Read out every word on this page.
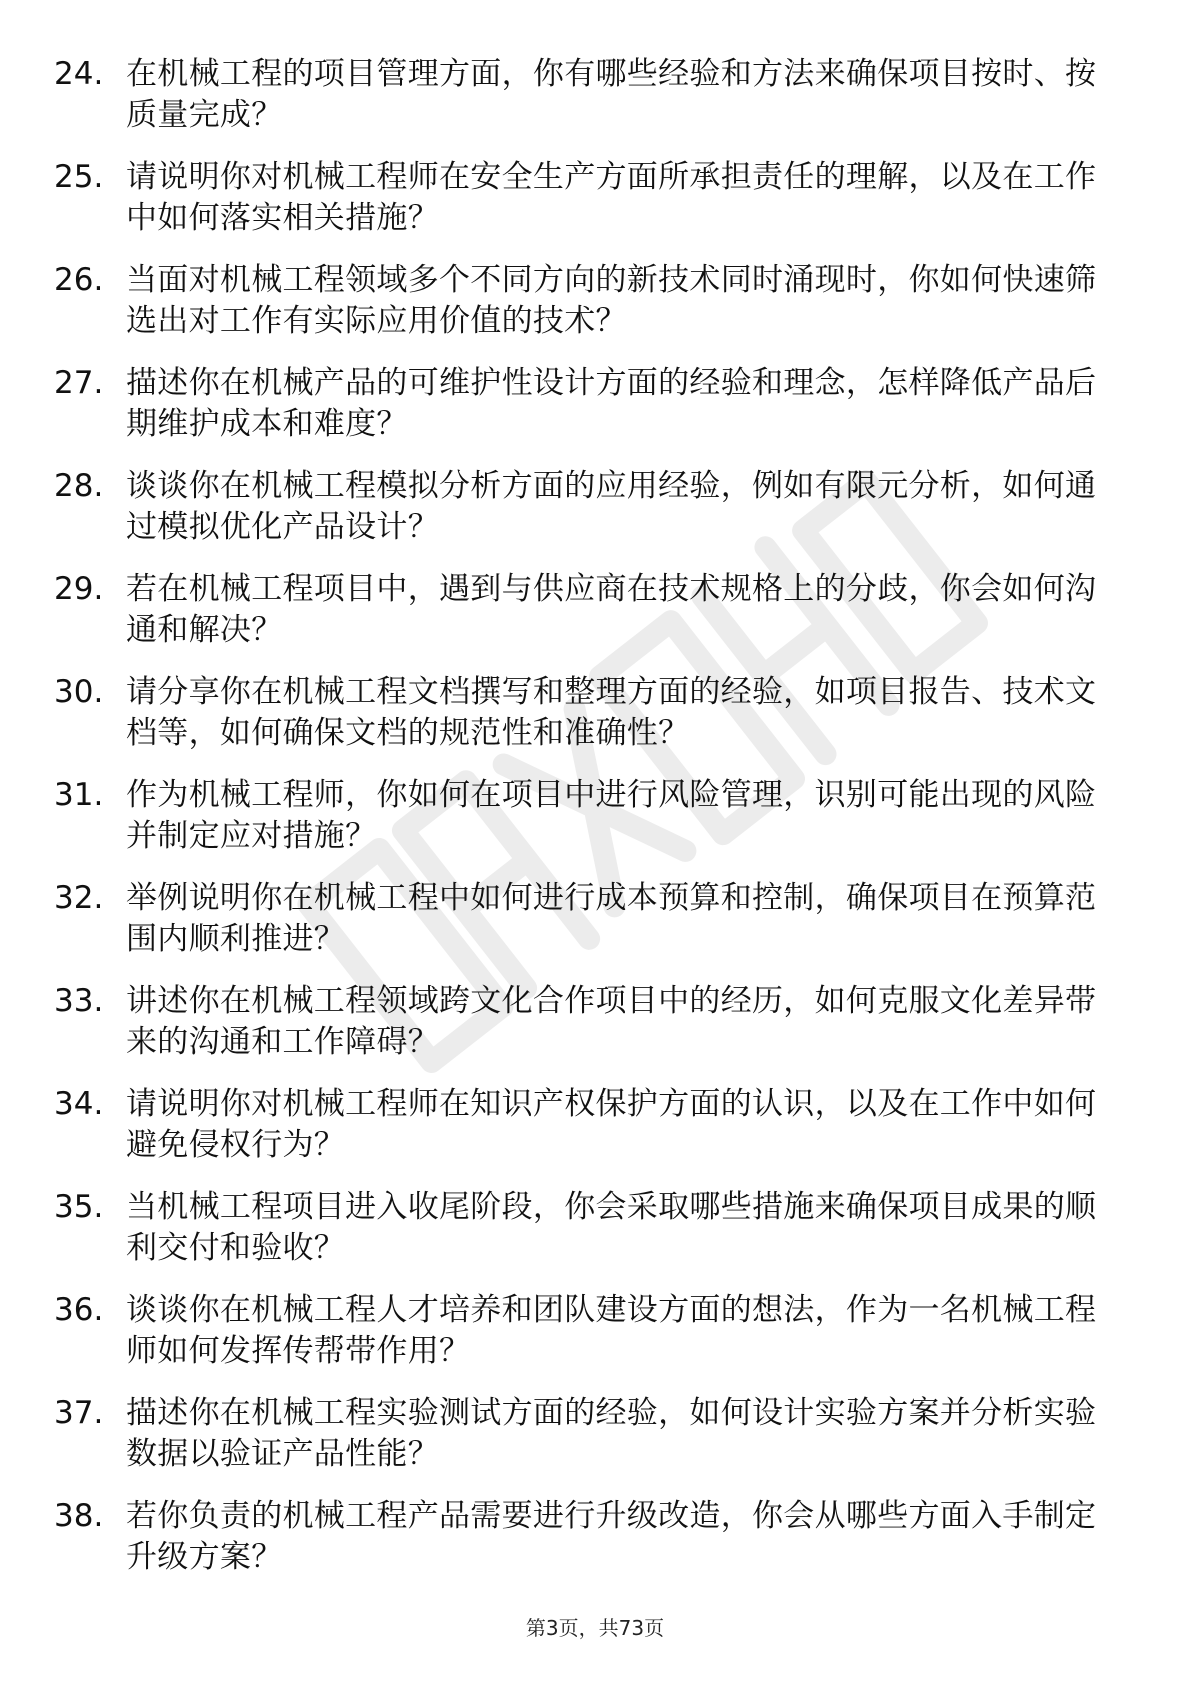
24. 在机械工程的项目管理方面，你有哪些经验和方法来确保项目按时、按质量完成？
25. 请说明你对机械工程师在安全生产方面所承担责任的理解，以及在工作中如何落实相关措施？
26. 当面对机械工程领域多个不同方向的新技术同时涌现时，你如何快速筛选出对工作有实际应用价值的技术？
27. 描述你在机械产品的可维护性设计方面的经验和理念，怎样降低产品后期维护成本和难度？
28. 谈谈你在机械工程模拟分析方面的应用经验，例如有限元分析，如何通过模拟优化产品设计？
29. 若在机械工程项目中，遇到与供应商在技术规格上的分歧，你会如何沟通和解决？
30. 请分享你在机械工程文档撰写和整理方面的经验，如项目报告、技术文档等，如何确保文档的规范性和准确性？
31. 作为机械工程师，你如何在项目中进行风险管理，识别可能出现的风险并制定应对措施？
32. 举例说明你在机械工程中如何进行成本预算和控制，确保项目在预算范围内顺利推进？
33. 讲述你在机械工程领域跨文化合作项目中的经历，如何克服文化差异带来的沟通和工作障碍？
34. 请说明你对机械工程师在知识产权保护方面的认识，以及在工作中如何避免侵权行为？
35. 当机械工程项目进入收尾阶段，你会采取哪些措施来确保项目成果的顺利交付和验收？
36. 谈谈你在机械工程人才培养和团队建设方面的想法，作为一名机械工程师如何发挥传帮带作用？
37. 描述你在机械工程实验测试方面的经验，如何设计实验方案并分析实验数据以验证产品性能？
38. 若你负责的机械工程产品需要进行升级改造，你会从哪些方面入手制定升级方案？
第3页，共73页
